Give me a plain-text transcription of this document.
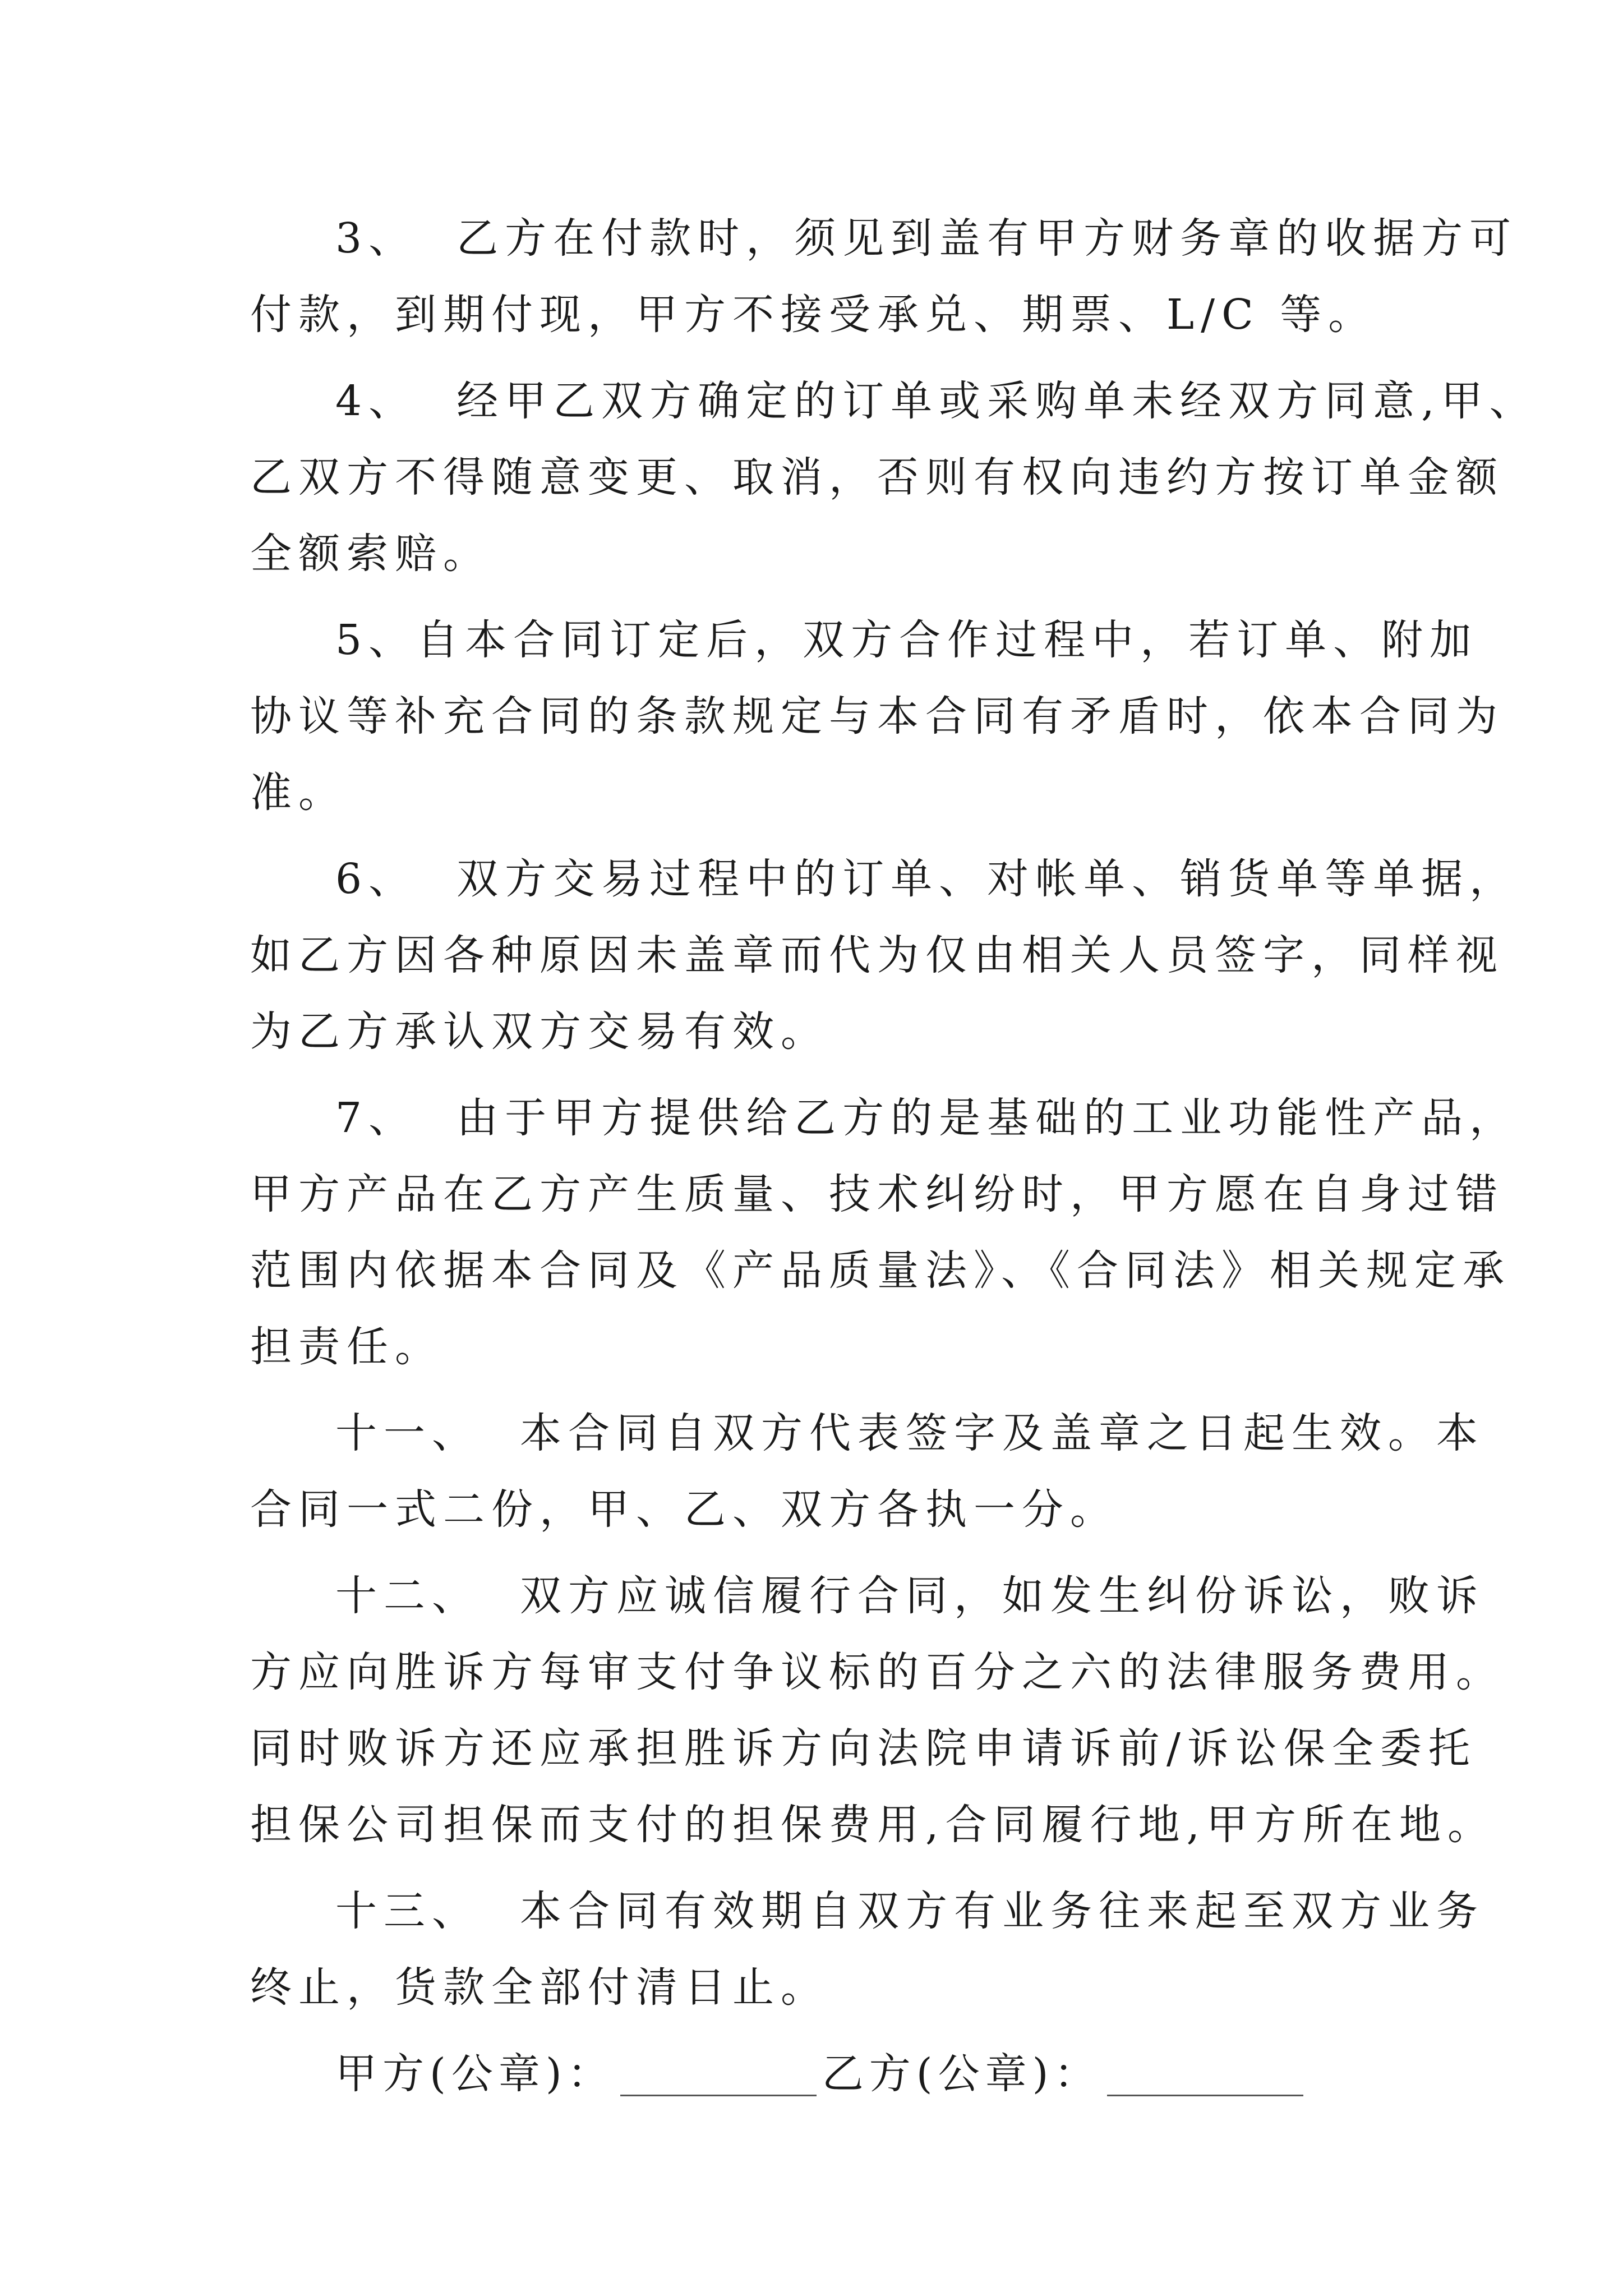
3、  乙方在付款时，须见到盖有甲方财务章的收据方可
付款，到期付现，甲方不接受承兑、期票、L/C 等。
4、  经甲乙双方确定的订单或采购单未经双方同意,甲、
乙双方不得随意变更、取消，否则有权向违约方按订单金额
全额索赔。
5、自本合同订定后，双方合作过程中，若订单、附加
协议等补充合同的条款规定与本合同有矛盾时，依本合同为
准。
6、  双方交易过程中的订单、对帐单、销货单等单据，
如乙方因各种原因未盖章而代为仅由相关人员签字，同样视
为乙方承认双方交易有效。
7、  由于甲方提供给乙方的是基础的工业功能性产品，
甲方产品在乙方产生质量、技术纠纷时，甲方愿在自身过错
范围内依据本合同及《产品质量法》、《合同法》相关规定承
担责任。
十一、  本合同自双方代表签字及盖章之日起生效。本
合同一式二份，甲、乙、双方各执一分。
十二、  双方应诚信履行合同，如发生纠份诉讼，败诉
方应向胜诉方每审支付争议标的百分之六的法律服务费用。
同时败诉方还应承担胜诉方向法院申请诉前/诉讼保全委托
担保公司担保而支付的担保费用,合同履行地,甲方所在地。
十三、  本合同有效期自双方有业务往来起至双方业务
终止，货款全部付清日止。
甲方(公章)：	乙方(公章)：
